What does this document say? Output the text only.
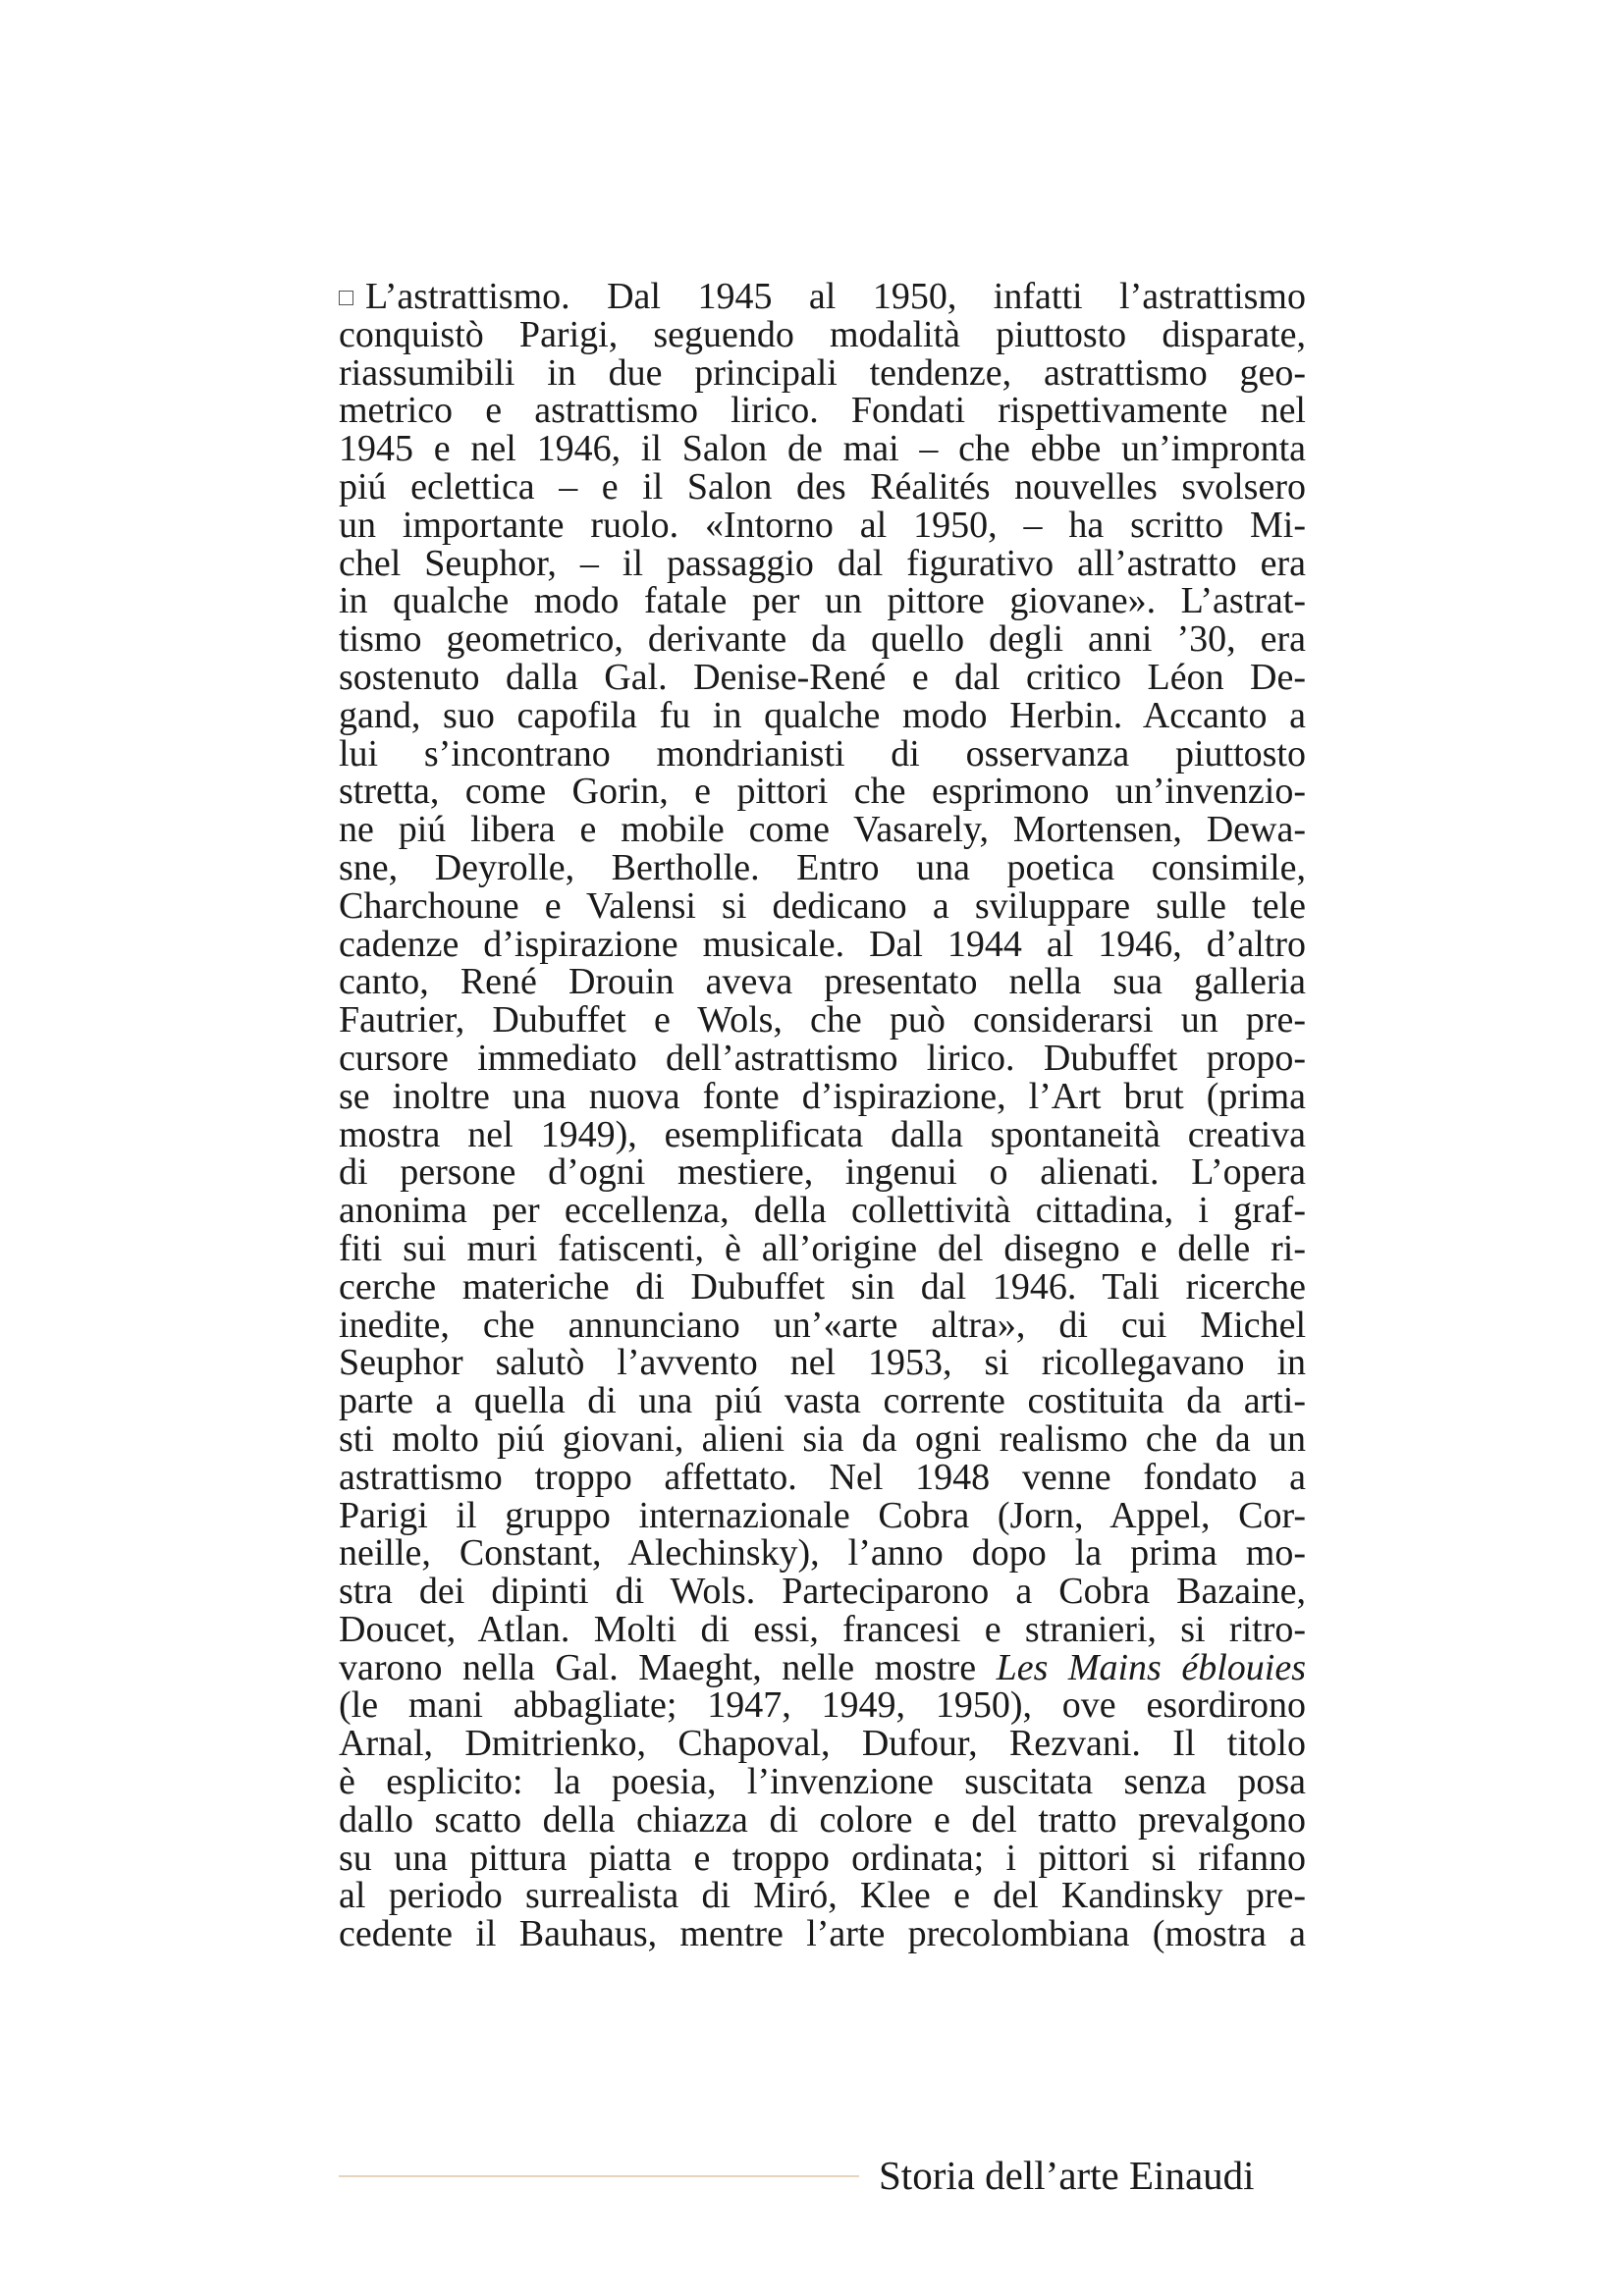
L’astrattismo. Dal 1945 al 1950, infatti l’astrattismo
conquistò Parigi, seguendo modalità piuttosto disparate,
riassumibili in due principali tendenze, astrattismo geo-
metrico e astrattismo lirico. Fondati rispettivamente nel
1945 e nel 1946, il Salon de mai – che ebbe un’impronta
piú eclettica – e il Salon des Réalités nouvelles svolsero
un importante ruolo. «Intorno al 1950, – ha scritto Mi-
chel Seuphor, – il passaggio dal figurativo all’astratto era
in qualche modo fatale per un pittore giovane». L’astrat-
tismo geometrico, derivante da quello degli anni ’30, era
sostenuto dalla Gal. Denise-René e dal critico Léon De-
gand, suo capofila fu in qualche modo Herbin. Accanto a
lui s’incontrano mondrianisti di osservanza piuttosto
stretta, come Gorin, e pittori che esprimono un’invenzio-
ne piú libera e mobile come Vasarely, Mortensen, Dewa-
sne, Deyrolle, Bertholle. Entro una poetica consimile,
Charchoune e Valensi si dedicano a sviluppare sulle tele
cadenze d’ispirazione musicale. Dal 1944 al 1946, d’altro
canto, René Drouin aveva presentato nella sua galleria
Fautrier, Dubuffet e Wols, che può considerarsi un pre-
cursore immediato dell’astrattismo lirico. Dubuffet propo-
se inoltre una nuova fonte d’ispirazione, l’Art brut (prima
mostra nel 1949), esemplificata dalla spontaneità creativa
di persone d’ogni mestiere, ingenui o alienati. L’opera
anonima per eccellenza, della collettività cittadina, i graf-
fiti sui muri fatiscenti, è all’origine del disegno e delle ri-
cerche materiche di Dubuffet sin dal 1946. Tali ricerche
inedite, che annunciano un’«arte altra», di cui Michel
Seuphor salutò l’avvento nel 1953, si ricollegavano in
parte a quella di una piú vasta corrente costituita da arti-
sti molto piú giovani, alieni sia da ogni realismo che da un
astrattismo troppo affettato. Nel 1948 venne fondato a
Parigi il gruppo internazionale Cobra (Jorn, Appel, Cor-
neille, Constant, Alechinsky), l’anno dopo la prima mo-
stra dei dipinti di Wols. Parteciparono a Cobra Bazaine,
Doucet, Atlan. Molti di essi, francesi e stranieri, si ritro-
varono nella Gal. Maeght, nelle mostre Les Mains éblouies
(le mani abbagliate; 1947, 1949, 1950), ove esordirono
Arnal, Dmitrienko, Chapoval, Dufour, Rezvani. Il titolo
è esplicito: la poesia, l’invenzione suscitata senza posa
dallo scatto della chiazza di colore e del tratto prevalgono
su una pittura piatta e troppo ordinata; i pittori si rifanno
al periodo surrealista di Miró, Klee e del Kandinsky pre-
cedente il Bauhaus, mentre l’arte precolombiana (mostra a
Storia dell’arte Einaudi
